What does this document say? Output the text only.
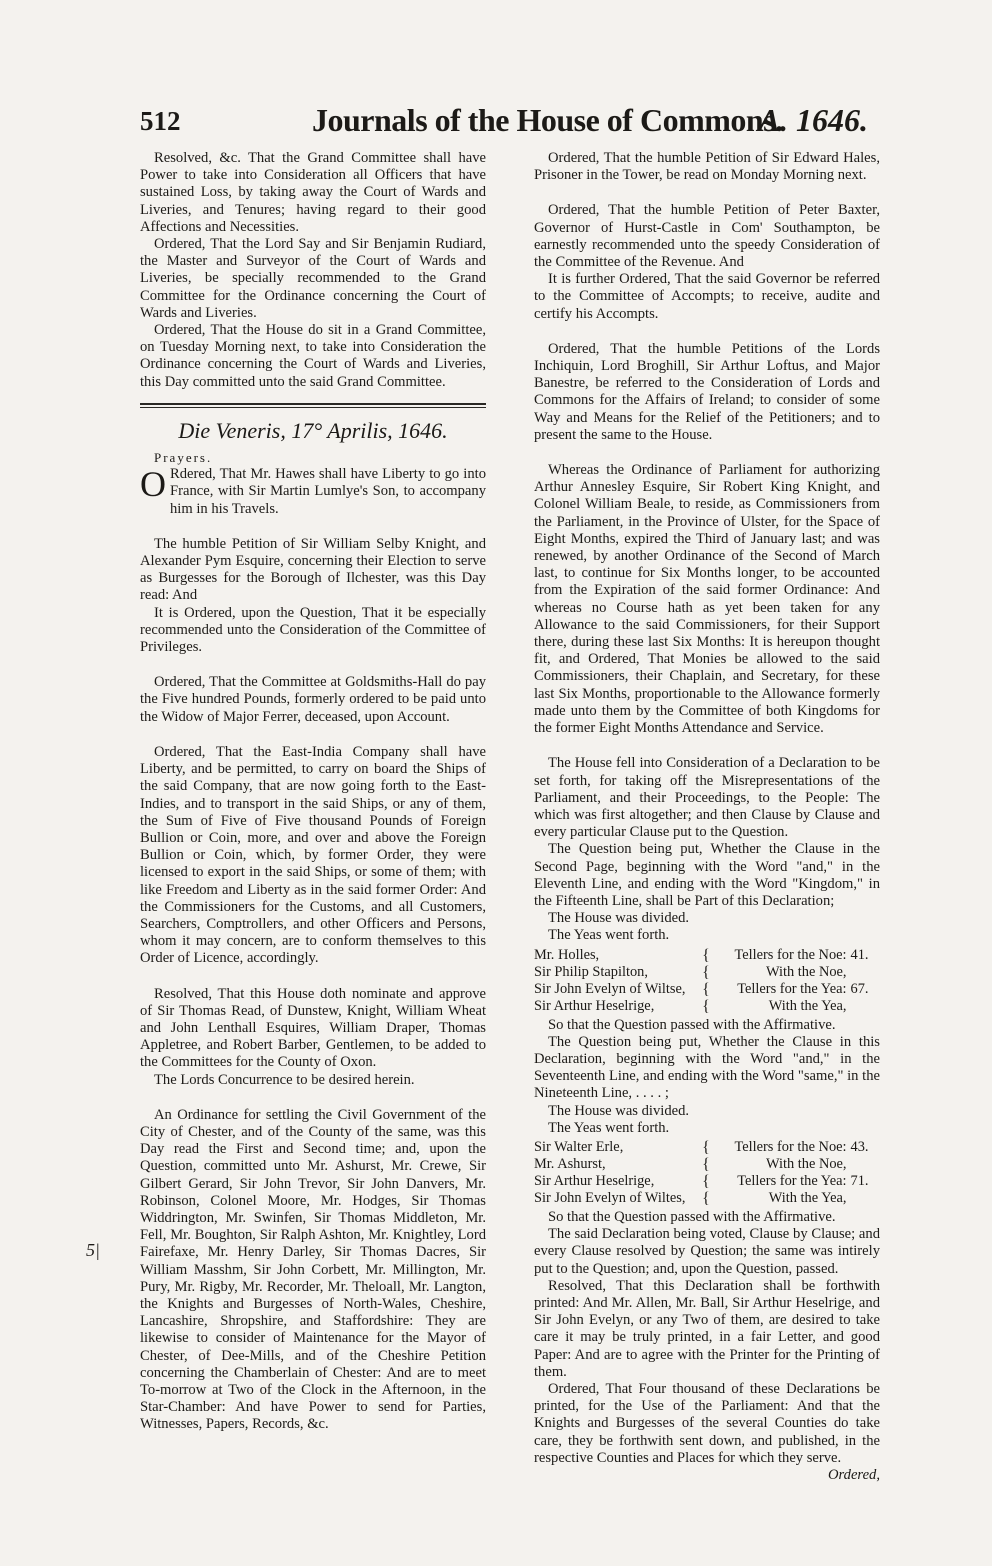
512	Journals of the House of Commons.
A. 1646.
5|

Resolved, &c. That the Grand Committee shall have Power to take into Consideration all Officers that have sustained Loss, by taking away the Court of Wards and Liveries, and Tenures; having regard to their good Affections and Necessities.

Ordered, That the Lord Say and Sir Benjamin Rudiard, the Master and Surveyor of the Court of Wards and Liveries, be specially recommended to the Grand Committee for the Ordinance concerning the Court of Wards and Liveries.

Ordered, That the House do sit in a Grand Committee, on Tuesday Morning next, to take into Consideration the Ordinance concerning the Court of Wards and Liveries, this Day committed unto the said Grand Committee.

Die Veneris, 17° Aprilis, 1646.
Prayers.

O Rdered, That Mr. Hawes shall have Liberty to go into France, with Sir Martin Lumlye's Son, to accompany him in his Travels.

The humble Petition of Sir William Selby Knight, and Alexander Pym Esquire, concerning their Election to serve as Burgesses for the Borough of Ilchester, was this Day read: And

It is Ordered, upon the Question, That it be especially recommended unto the Consideration of the Committee of Privileges.

Ordered, That the Committee at Goldsmiths-Hall do pay the Five hundred Pounds, formerly ordered to be paid unto the Widow of Major Ferrer, deceased, upon Account.

Ordered, That the East-India Company shall have Liberty, and be permitted, to carry on board the Ships of the said Company, that are now going forth to the East-Indies, and to transport in the said Ships, or any of them, the Sum of Five of Five thousand Pounds of Foreign Bullion or Coin, more, and over and above the Foreign Bullion or Coin, which, by former Order, they were licensed to export in the said Ships, or some of them; with like Freedom and Liberty as in the said former Order: And the Commissioners for the Customs, and all Customers, Searchers, Comptrollers, and other Officers and Persons, whom it may concern, are to conform themselves to this Order of Licence, accordingly.

Resolved, That this House doth nominate and approve of Sir Thomas Read, of Dunstew, Knight, William Wheat and John Lenthall Esquires, William Draper, Thomas Appletree, and Robert Barber, Gentlemen, to be added to the Committees for the County of Oxon.

The Lords Concurrence to be desired herein.

An Ordinance for settling the Civil Government of the City of Chester, and of the County of the same, was this Day read the First and Second time; and, upon the Question, committed unto Mr. Ashurst, Mr. Crewe, Sir Gilbert Gerard, Sir John Trevor, Sir John Danvers, Mr. Robinson, Colonel Moore, Mr. Hodges, Sir Thomas Widdrington, Mr. Swinfen, Sir Thomas Middleton, Mr. Fell, Mr. Boughton, Sir Ralph Ashton, Mr. Knightley, Lord Fairefaxe, Mr. Henry Darley, Sir Thomas Dacres, Sir William Masshm, Sir John Corbett, Mr. Millington, Mr. Pury, Mr. Rigby, Mr. Recorder, Mr. Theloall, Mr. Langton, the Knights and Burgesses of North-Wales, Cheshire, Lancashire, Shropshire, and Staffordshire: They are likewise to consider of Maintenance for the Mayor of Chester, of Dee-Mills, and of the Cheshire Petition concerning the Chamberlain of Chester: And are to meet To-morrow at Two of the Clock in the Afternoon, in the Star-Chamber: And have Power to send for Parties, Witnesses, Papers, Records, &c.

Ordered, That the humble Petition of Sir Edward Hales, Prisoner in the Tower, be read on Monday Morning next.

Ordered, That the humble Petition of Peter Baxter, Governor of Hurst-Castle in Com' Southampton, be earnestly recommended unto the speedy Consideration of the Committee of the Revenue. And

It is further Ordered, That the said Governor be referred to the Committee of Accompts; to receive, audite and certify his Accompts.

Ordered, That the humble Petitions of the Lords Inchiquin, Lord Broghill, Sir Arthur Loftus, and Major Banestre, be referred to the Consideration of Lords and Commons for the Affairs of Ireland; to consider of some Way and Means for the Relief of the Petitioners; and to present the same to the House.

Whereas the Ordinance of Parliament for authorizing Arthur Annesley Esquire, Sir Robert King Knight, and Colonel William Beale, to reside, as Commissioners from the Parliament, in the Province of Ulster, for the Space of Eight Months, expired the Third of January last; and was renewed, by another Ordinance of the Second of March last, to continue for Six Months longer, to be accounted from the Expiration of the said former Ordinance: And whereas no Course hath as yet been taken for any Allowance to the said Commissioners, for their Support there, during these last Six Months: It is hereupon thought fit, and Ordered, That Monies be allowed to the said Commissioners, their Chaplain, and Secretary, for these last Six Months, proportionable to the Allowance formerly made unto them by the Committee of both Kingdoms for the former Eight Months Attendance and Service.

The House fell into Consideration of a Declaration to be set forth, for taking off the Misrepresentations of the Parliament, and their Proceedings, to the People: The which was first altogether; and then Clause by Clause and every particular Clause put to the Question.

The Question being put, Whether the Clause in the Second Page, beginning with the Word "and," in the Eleventh Line, and ending with the Word "Kingdom," in the Fifteenth Line, shall be Part of this Declaration;

The House was divided.

The Yeas went forth.

Mr. Holles,	{	Tellers for the Noe: 41.
Sir Philip Stapilton,	{	With the Noe,
Sir John Evelyn of Wiltse,	{	Tellers for the Yea: 67.
Sir Arthur Heselrige,	{	With the Yea,

So that the Question passed with the Affirmative.

The Question being put, Whether the Clause in this Declaration, beginning with the Word "and," in the Seventeenth Line, and ending with the Word "same," in the Nineteenth Line, . . . . ;

The House was divided.

The Yeas went forth.

Sir Walter Erle,	{	Tellers for the Noe: 43.
Mr. Ashurst,	{	With the Noe,
Sir Arthur Heselrige,	{	Tellers for the Yea: 71.
Sir John Evelyn of Wiltes,	{	With the Yea,

So that the Question passed with the Affirmative.

The said Declaration being voted, Clause by Clause; and every Clause resolved by Question; the same was intirely put to the Question; and, upon the Question, passed.

Resolved, That this Declaration shall be forthwith printed: And Mr. Allen, Mr. Ball, Sir Arthur Heselrige, and Sir John Evelyn, or any Two of them, are desired to take care it may be truly printed, in a fair Letter, and good Paper: And are to agree with the Printer for the Printing of them.

Ordered, That Four thousand of these Declarations be printed, for the Use of the Parliament: And that the Knights and Burgesses of the several Counties do take care, they be forthwith sent down, and published, in the respective Counties and Places for which they serve.

Ordered,
